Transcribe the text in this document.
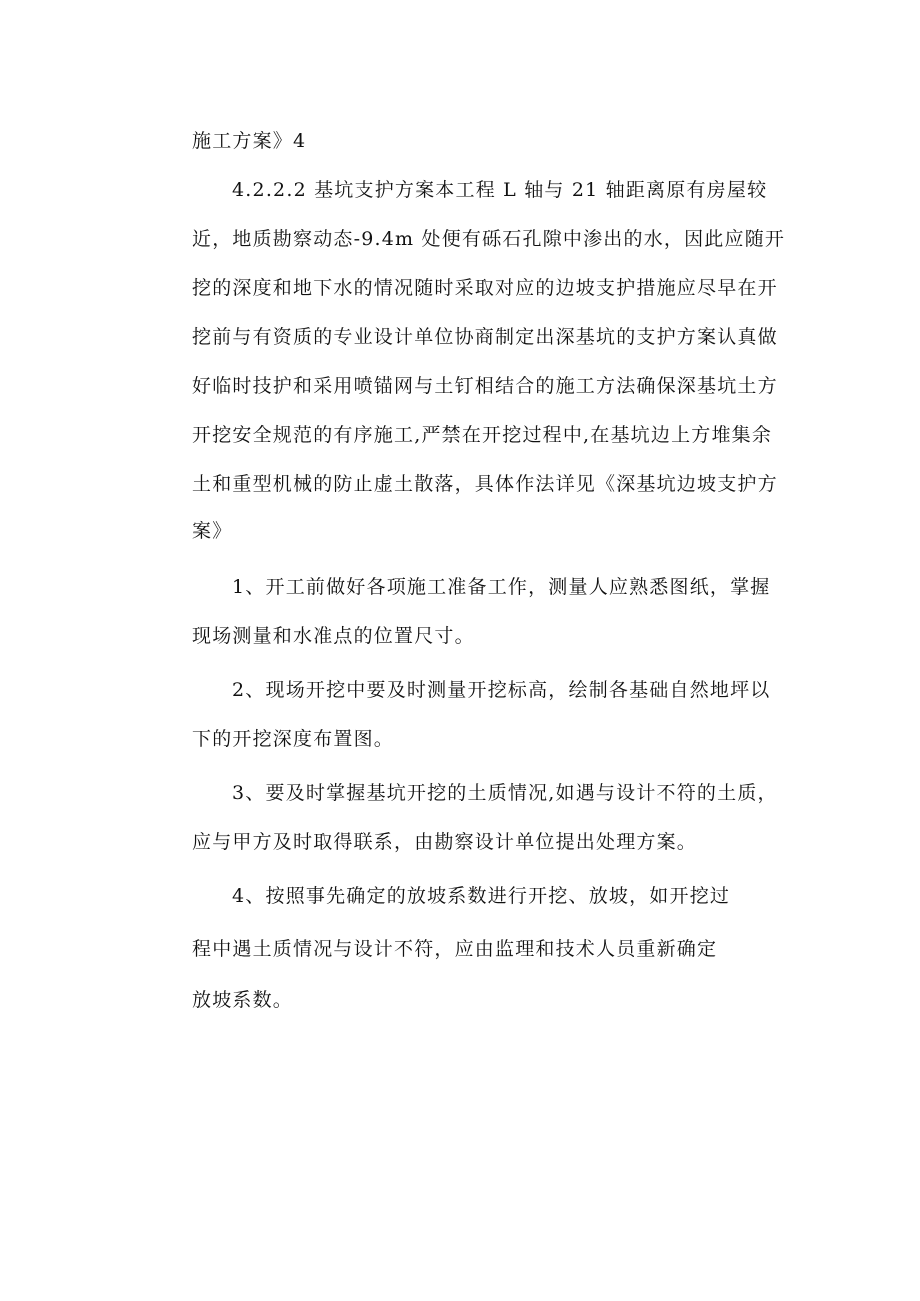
施工方案》4
4.2.2.2 基坑支护方案本工程 L 轴与 21 轴距离原有房屋较
近，地质勘察动态-9.4m 处便有砾石孔隙中渗出的水，因此应随开
挖的深度和地下水的情况随时采取对应的边坡支护措施应尽早在开
挖前与有资质的专业设计单位协商制定出深基坑的支护方案认真做
好临时技护和采用喷锚网与土钉相结合的施工方法确保深基坑土方
开挖安全规范的有序施工,严禁在开挖过程中,在基坑边上方堆集余
土和重型机械的防止虚土散落，具体作法详见《深基坑边坡支护方
案》
1、开工前做好各项施工准备工作，测量人应熟悉图纸，掌握
现场测量和水准点的位置尺寸。
2、现场开挖中要及时测量开挖标高，绘制各基础自然地坪以
下的开挖深度布置图。
3、要及时掌握基坑开挖的土质情况,如遇与设计不符的土质，
应与甲方及时取得联系，由勘察设计单位提出处理方案。
4、按照事先确定的放坡系数进行开挖、放坡，如开挖过
程中遇土质情况与设计不符，应由监理和技术人员重新确定
放坡系数。
